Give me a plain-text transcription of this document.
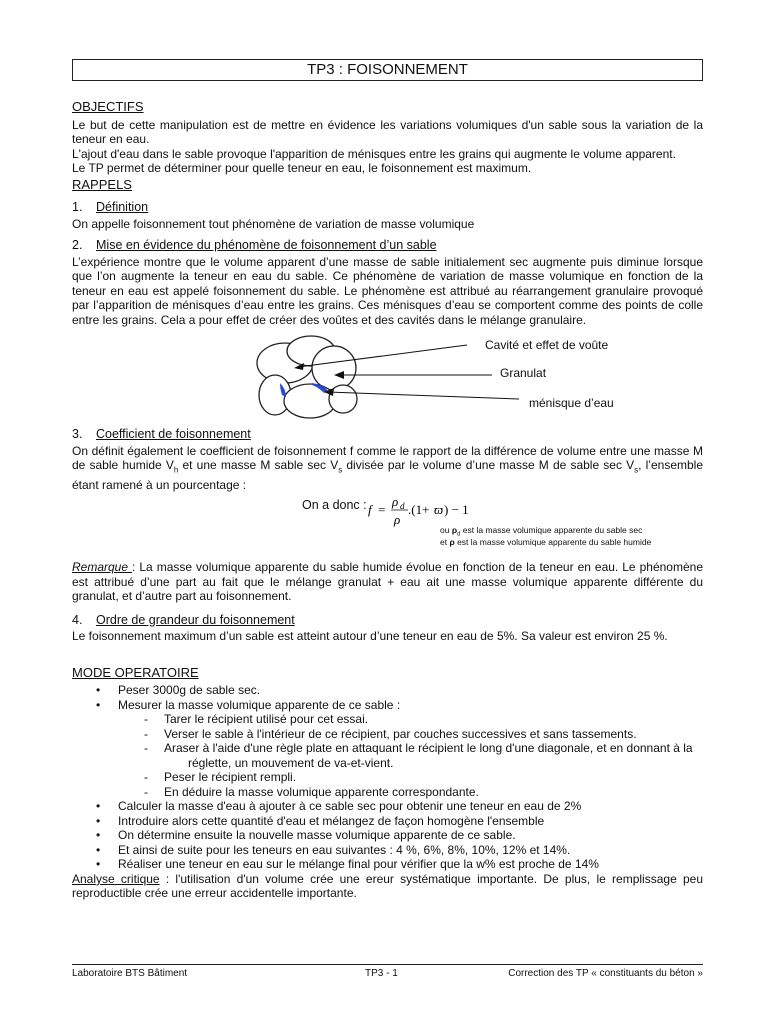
TP3 : FOISONNEMENT
OBJECTIFS

Le but de cette manipulation est de mettre en évidence les variations volumiques d'un sable sous la variation de la teneur en eau.

L'ajout d'eau dans le sable provoque l'apparition de ménisques entre les grains qui augmente le volume apparent.

Le TP permet de déterminer pour quelle teneur en eau, le foisonnement est maximum.

RAPPELS
1. Définition

On appelle foisonnement tout phénomène de variation de masse volumique

2. Mise en évidence du phénomène de foisonnement d’un sable

L’expérience montre que le volume apparent d’une masse de sable initialement sec augmente puis diminue lorsque que l’on augmente la teneur en eau du sable. Ce phénomène de variation de masse volumique en fonction de la teneur en eau est appelé foisonnement du sable. Le phénomène est attribué au réarrangement granulaire provoqué par l’apparition de ménisques d’eau entre les grains. Ces ménisques d’eau se comportent comme des points de colle entre les grains. Cela a pour effet de créer des voûtes et des cavités dans le mélange granulaire.

Cavité et effet de voûte
Granulat
ménisque d’eau
3. Coefficient de foisonnement

On définit également le coefficient de foisonnement f comme le rapport de la différence de volume entre une masse M de sable humide $V_h$ et une masse M sable $\sec V_s$ divisée par le volume d’une masse M de sable $\sec V_s$, l’ensemble étant ramené à un pourcentage :

On a donc : f =
ρ d
ρ
.(1+ ϖ ) − 1
ou $\rho_d$ est la masse volumique apparente du sable sec
et ρ est la masse volumique apparente du sable humide

Remarque : La masse volumique apparente du sable humide évolue en fonction de la teneur en eau. Le phénomène est attribué d’une part au fait que le mélange granulat + eau ait une masse volumique apparente différente du granulat, et d’autre part au foisonnement.

4. Ordre de grandeur du foisonnement

Le foisonnement maximum d’un sable est atteint autour d’une teneur en eau de 5%. Sa valeur est environ 25 %.

MODE OPERATOIRE
• Peser 3000g de sable sec.
• Mesurer la masse volumique apparente de ce sable :
- Tarer le récipient utilisé pour cet essai.
- Verser le sable à l'intérieur de ce récipient, par couches successives et sans tassements.
- Araser à l'aide d'une règle plate en attaquant le récipient le long d'une diagonale, et en donnant à la
réglette, un mouvement de va-et-vient.
- Peser le récipient rempli.
- En déduire la masse volumique apparente correspondante.
• Calculer la masse d'eau à ajouter à ce sable sec pour obtenir une teneur en eau de 2%
• Introduire alors cette quantité d'eau et mélangez de façon homogène l'ensemble
• On détermine ensuite la nouvelle masse volumique apparente de ce sable.
• Et ainsi de suite pour les teneurs en eau suivantes : 4 %, 6%, 8%, 10%, 12% et 14%.
• Réaliser une teneur en eau sur le mélange final pour vérifier que la w% est proche de 14%

Analyse critique : l'utilisation d'un volume crée une ereur systématique importante. De plus, le remplissage peu reproductible crée une erreur accidentelle importante.

Laboratoire BTS Bâtiment	TP3 - 1	Correction des TP « constituants du béton »
